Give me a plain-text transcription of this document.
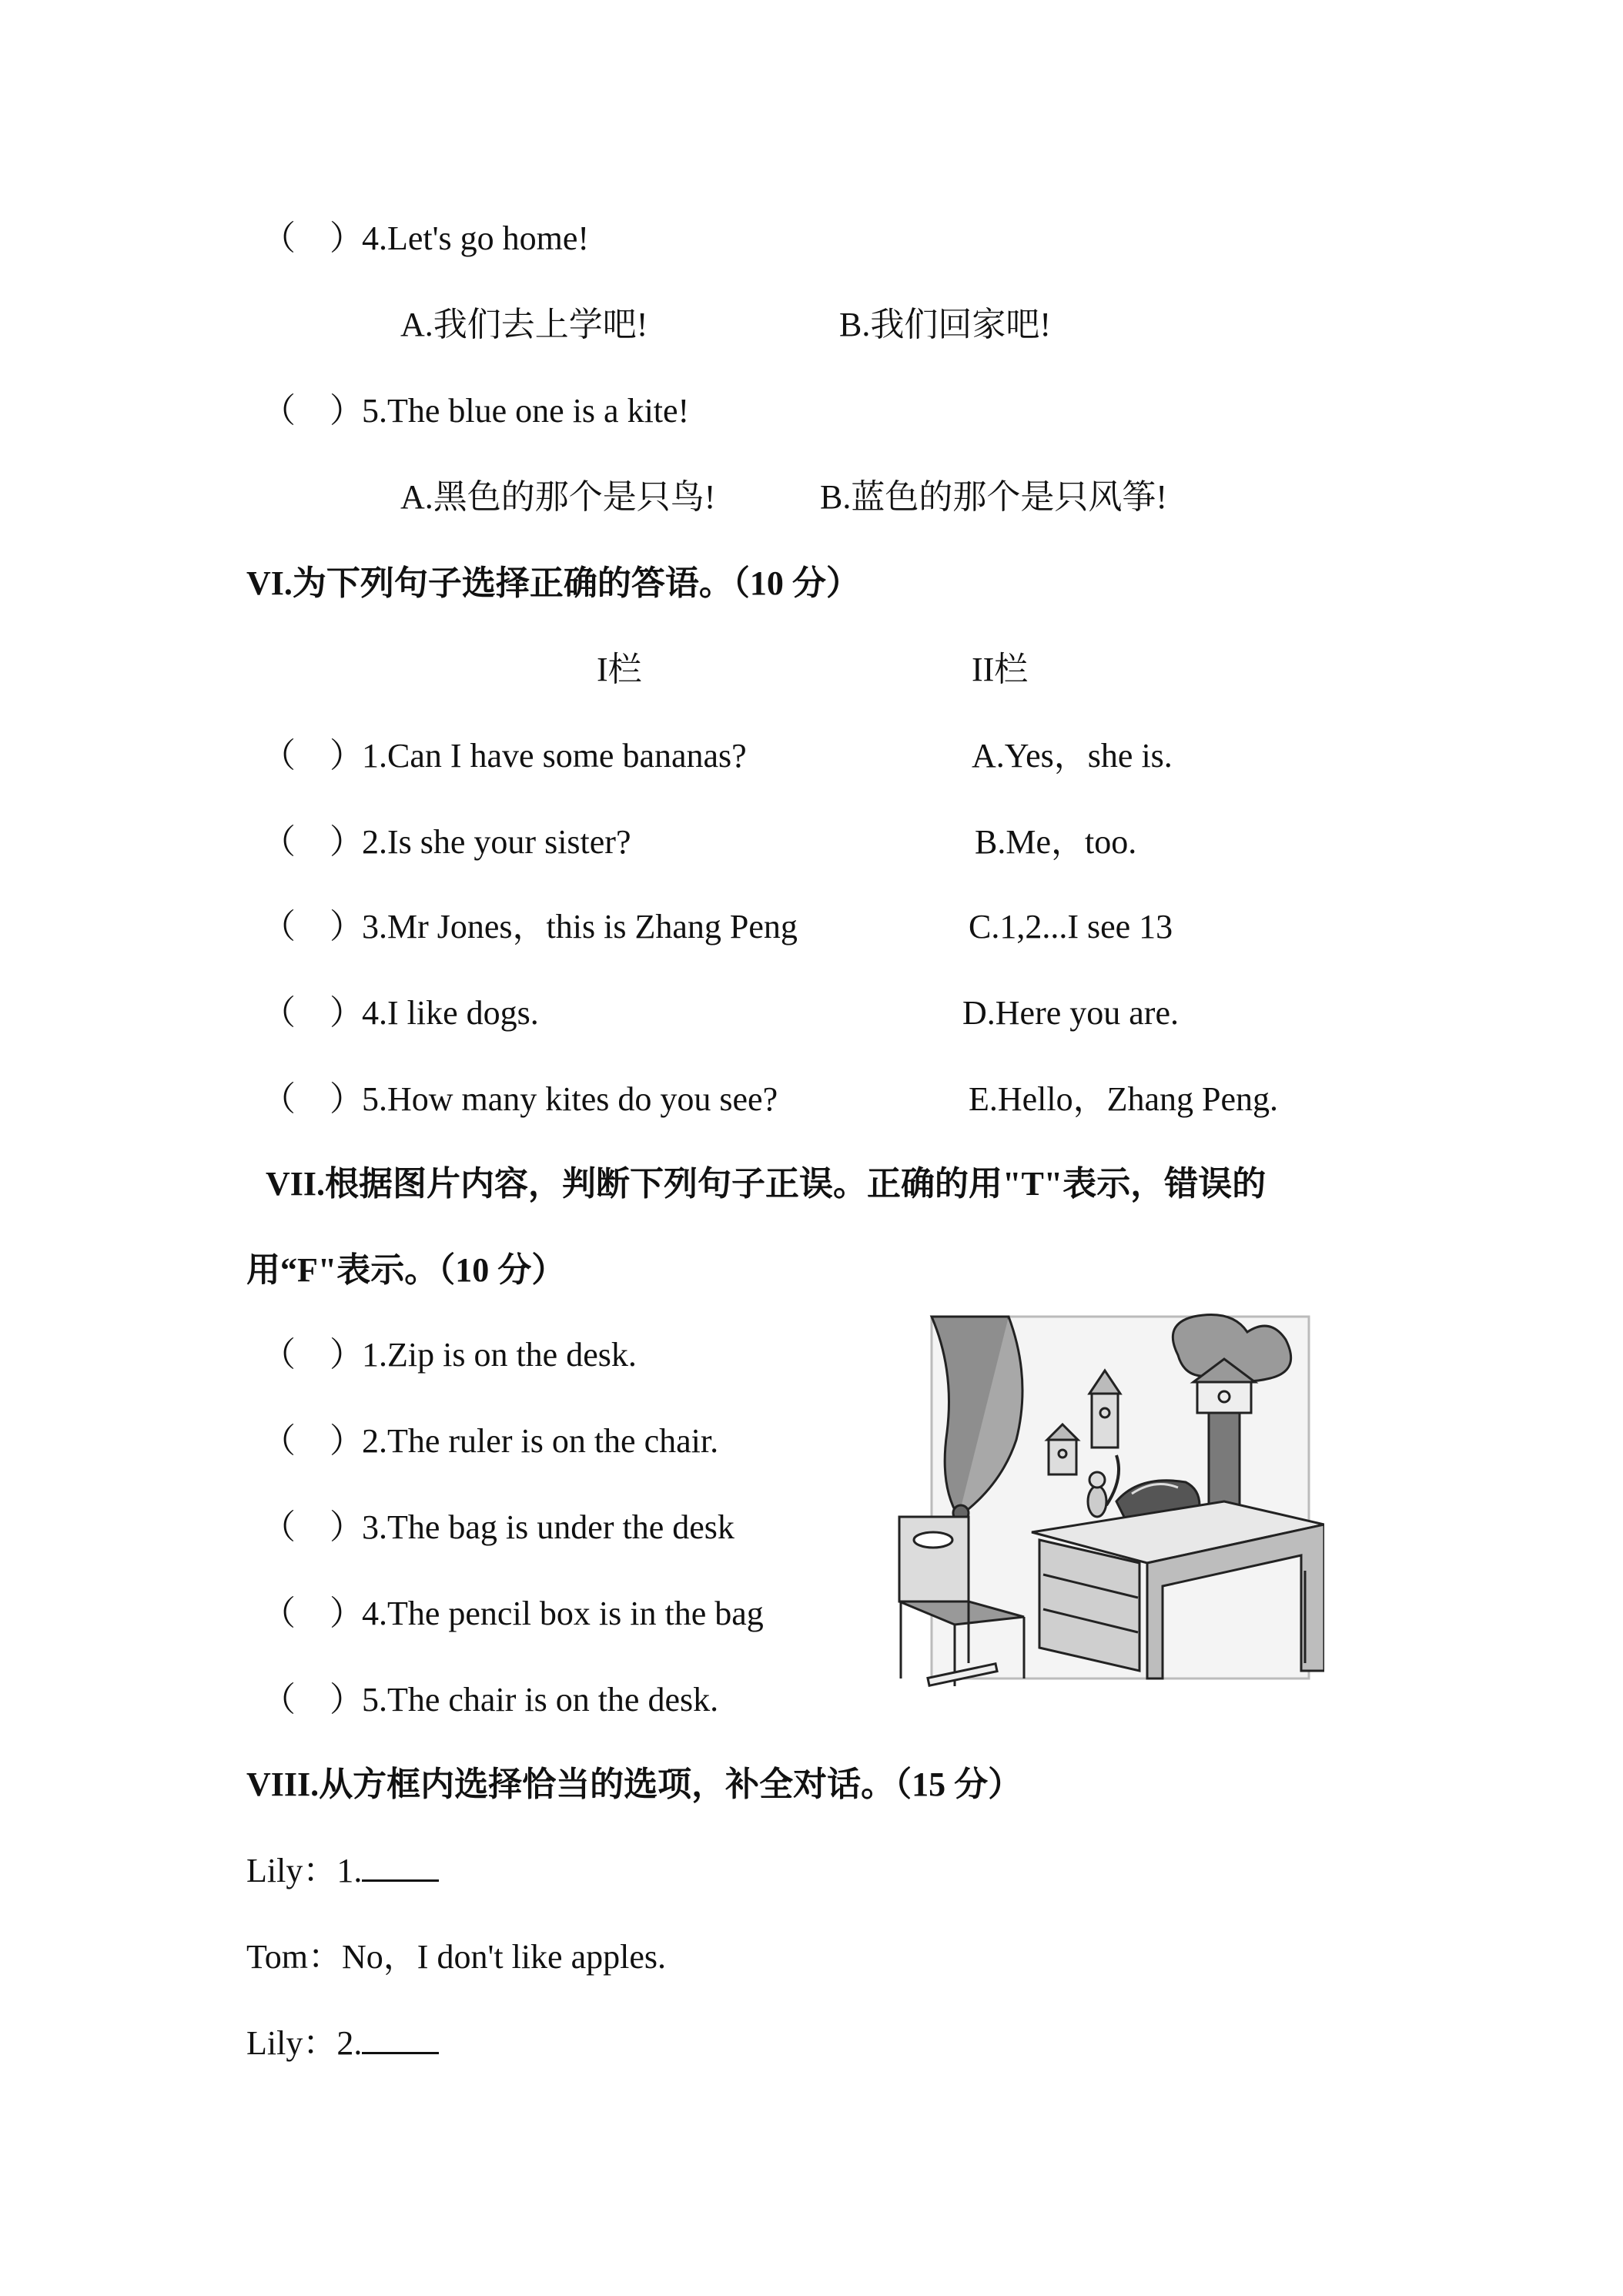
（　）4.Let's go home!
A.我们去上学吧!	B.我们回家吧!
（　）5.The blue one is a kite!
A.黑色的那个是只鸟!	B.蓝色的那个是只风筝!
VI.为下列句子选择正确的答语。（10 分）
I栏	II栏
（　）1.Can I have some bananas?	A.Yes，she is.
（　）2.Is she your sister?	B.Me，too.
（　）3.Mr Jones，this is Zhang Peng	C.1,2...I see 13
（　）4.I like dogs.	D.Here you are.
（　）5.How many kites do you see?	E.Hello，Zhang Peng.
VII.根据图片内容，判断下列句子正误。正确的用"T"表示，错误的
用“F"表示。（10 分）
（　）1.Zip is on the desk.
（　）2.The ruler is on the chair.
（　）3.The bag is under the desk
（　）4.The pencil box is in the bag
（　）5.The chair is on the desk.
VIII.从方框内选择恰当的选项，补全对话。（15 分）
Lily：1.
Tom：No，I don't like apples.
Lily：2.
